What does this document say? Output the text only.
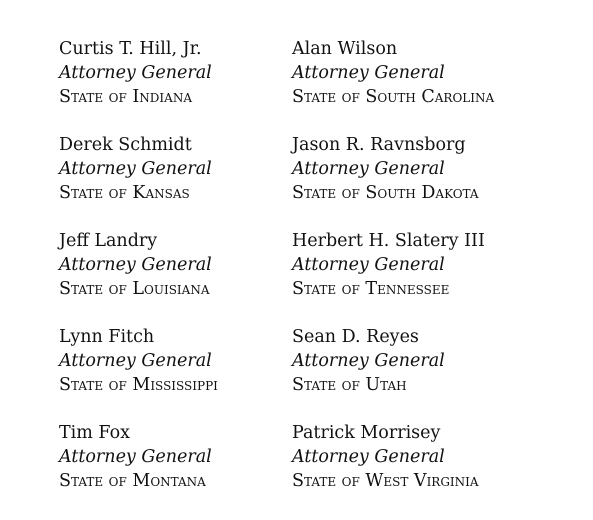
Curtis T. Hill, Jr.
Attorney General
State of Indiana
Derek Schmidt
Attorney General
State of Kansas
Jeff Landry
Attorney General
State of Louisiana
Lynn Fitch
Attorney General
State of Mississippi
Tim Fox
Attorney General
State of Montana
Alan Wilson
Attorney General
State of South Carolina
Jason R. Ravnsborg
Attorney General
State of South Dakota
Herbert H. Slatery III
Attorney General
State of Tennessee
Sean D. Reyes
Attorney General
State of Utah
Patrick Morrisey
Attorney General
State of West Virginia
